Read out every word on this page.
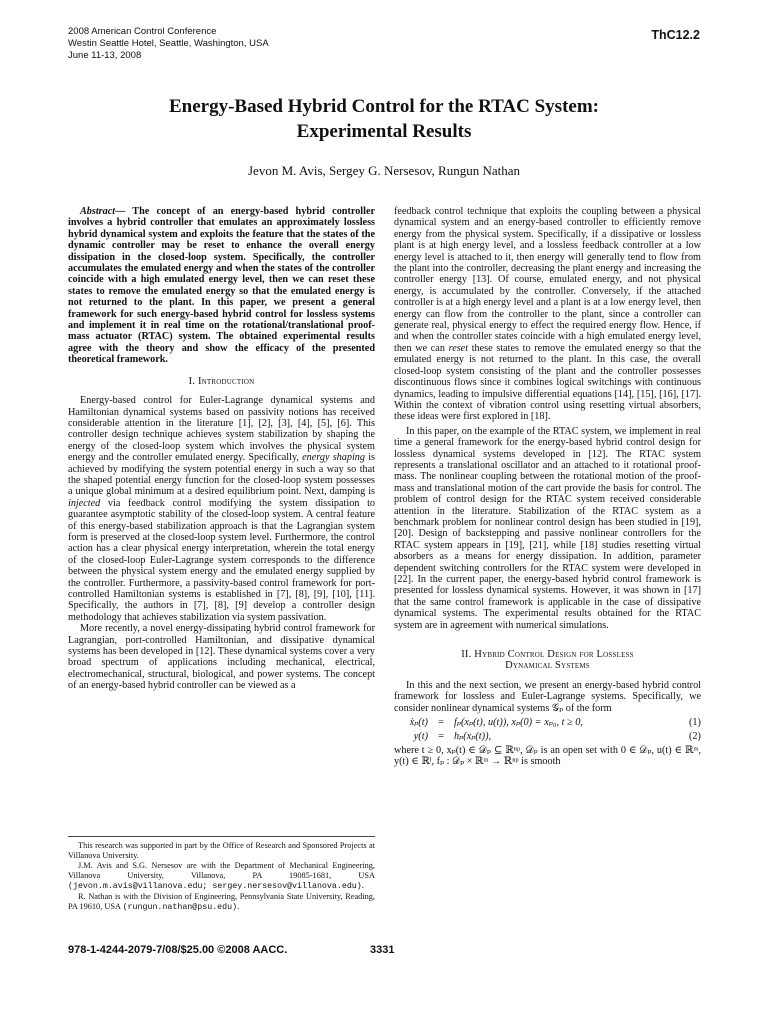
2008 American Control Conference
Westin Seattle Hotel, Seattle, Washington, USA
June 11-13, 2008
ThC12.2
Energy-Based Hybrid Control for the RTAC System:
Experimental Results
Jevon M. Avis, Sergey G. Nersesov, Rungun Nathan

Abstract— The concept of an energy-based hybrid controller involves a hybrid controller that emulates an approximately lossless hybrid dynamical system and exploits the feature that the states of the dynamic controller may be reset to enhance the overall energy dissipation in the closed-loop system. Specifically, the controller accumulates the emulated energy and when the states of the controller coincide with a high emulated energy level, then we can reset these states to remove the emulated energy so that the emulated energy is not returned to the plant. In this paper, we present a general framework for such energy-based hybrid control for lossless systems and implement it in real time on the rotational/translational proof-mass actuator (RTAC) system. The obtained experimental results agree with the theory and show the efficacy of the presented theoretical framework.

I. Introduction

Energy-based control for Euler-Lagrange dynamical systems and Hamiltonian dynamical systems based on passivity notions has received considerable attention in the literature [1], [2], [3], [4], [5], [6]. This controller design technique achieves system stabilization by shaping the energy of the closed-loop system which involves the physical system energy and the controller emulated energy. Specifically, energy shaping is achieved by modifying the system potential energy in such a way so that the shaped potential energy function for the closed-loop system possesses a unique global minimum at a desired equilibrium point. Next, damping is injected via feedback control modifying the system dissipation to guarantee asymptotic stability of the closed-loop system. A central feature of this energy-based stabilization approach is that the Lagrangian system form is preserved at the closed-loop system level. Furthermore, the control action has a clear physical energy interpretation, wherein the total energy of the closed-loop Euler-Lagrange system corresponds to the difference between the physical system energy and the emulated energy supplied by the controller. Furthermore, a passivity-based control framework for port-controlled Hamiltonian systems is established in [7], [8], [9], [10], [11]. Specifically, the authors in [7], [8], [9] develop a controller design methodology that achieves stabilization via system passivation.

More recently, a novel energy-dissipating hybrid control framework for Lagrangian, port-controlled Hamiltonian, and dissipative dynamical systems has been developed in [12]. These dynamical systems cover a very broad spectrum of applications including mechanical, electrical, electromechanical, structural, biological, and power systems. The concept of an energy-based hybrid controller can be viewed as a

This research was supported in part by the Office of Research and Sponsored Projects at Villanova University.

J.M. Avis and S.G. Nersesov are with the Department of Mechanical Engineering, Villanova University, Villanova, PA 19085-1681, USA (jevon.m.avis@villanova.edu; sergey.nersesov@villanova.edu).

R. Nathan is with the Division of Engineering, Pennsylvania State University, Reading, PA 19610, USA (rungun.nathan@psu.edu).

feedback control technique that exploits the coupling between a physical dynamical system and an energy-based controller to efficiently remove energy from the physical system. Specifically, if a dissipative or lossless plant is at high energy level, and a lossless feedback controller at a low energy level is attached to it, then energy will generally tend to flow from the plant into the controller, decreasing the plant energy and increasing the controller energy [13]. Of course, emulated energy, and not physical energy, is accumulated by the controller. Conversely, if the attached controller is at a high energy level and a plant is at a low energy level, then energy can flow from the controller to the plant, since a controller can generate real, physical energy to effect the required energy flow. Hence, if and when the controller states coincide with a high emulated energy level, then we can reset these states to remove the emulated energy so that the emulated energy is not returned to the plant. In this case, the overall closed-loop system consisting of the plant and the controller possesses discontinuous flows since it combines logical switchings with continuous dynamics, leading to impulsive differential equations [14], [15], [16], [17]. Within the context of vibration control using resetting virtual absorbers, these ideas were first explored in [18].

In this paper, on the example of the RTAC system, we implement in real time a general framework for the energy-based hybrid control design for lossless dynamical systems developed in [12]. The RTAC system represents a translational oscillator and an attached to it rotational proof-mass. The nonlinear coupling between the rotational motion of the proof-mass and translational motion of the cart provide the basis for control. The problem of control design for the RTAC system received considerable attention in the literature. Stabilization of the RTAC system as a benchmark problem for nonlinear control design has been studied in [19], [20]. Design of backstepping and passive nonlinear controllers for the RTAC system appears in [19], [21], while [18] studies resetting virtual absorbers as a means for energy dissipation. In addition, parameter dependent switching controllers for the RTAC system were developed in [22]. In the current paper, the energy-based hybrid control framework is presented for lossless dynamical systems. However, it was shown in [17] that the same control framework is applicable in the case of dissipative dynamical systems. The experimental results obtained for the RTAC system are in agreement with numerical simulations.

II. Hybrid Control Design for Lossless
Dynamical Systems

In this and the next section, we present an energy-based hybrid control framework for lossless and Euler-Lagrange systems. Specifically, we consider nonlinear dynamical systems 𝒢ₚ of the form

ẋₚ(t) = fₚ(xₚ(t), u(t)), xₚ(0) = xₚ₀, t ≥ 0,	(1)
y(t) = hₚ(xₚ(t)),	(2)

where t ≥ 0, xₚ(t) ∈ 𝒟ₚ ⊆ ℝⁿᵖ, 𝒟ₚ is an open set with 0 ∈ 𝒟ₚ, u(t) ∈ ℝᵐ, y(t) ∈ ℝˡ, fₚ : 𝒟ₚ × ℝᵐ → ℝⁿᵖ is smooth

978-1-4244-2079-7/08/$25.00 ©2008 AACC.	3331
